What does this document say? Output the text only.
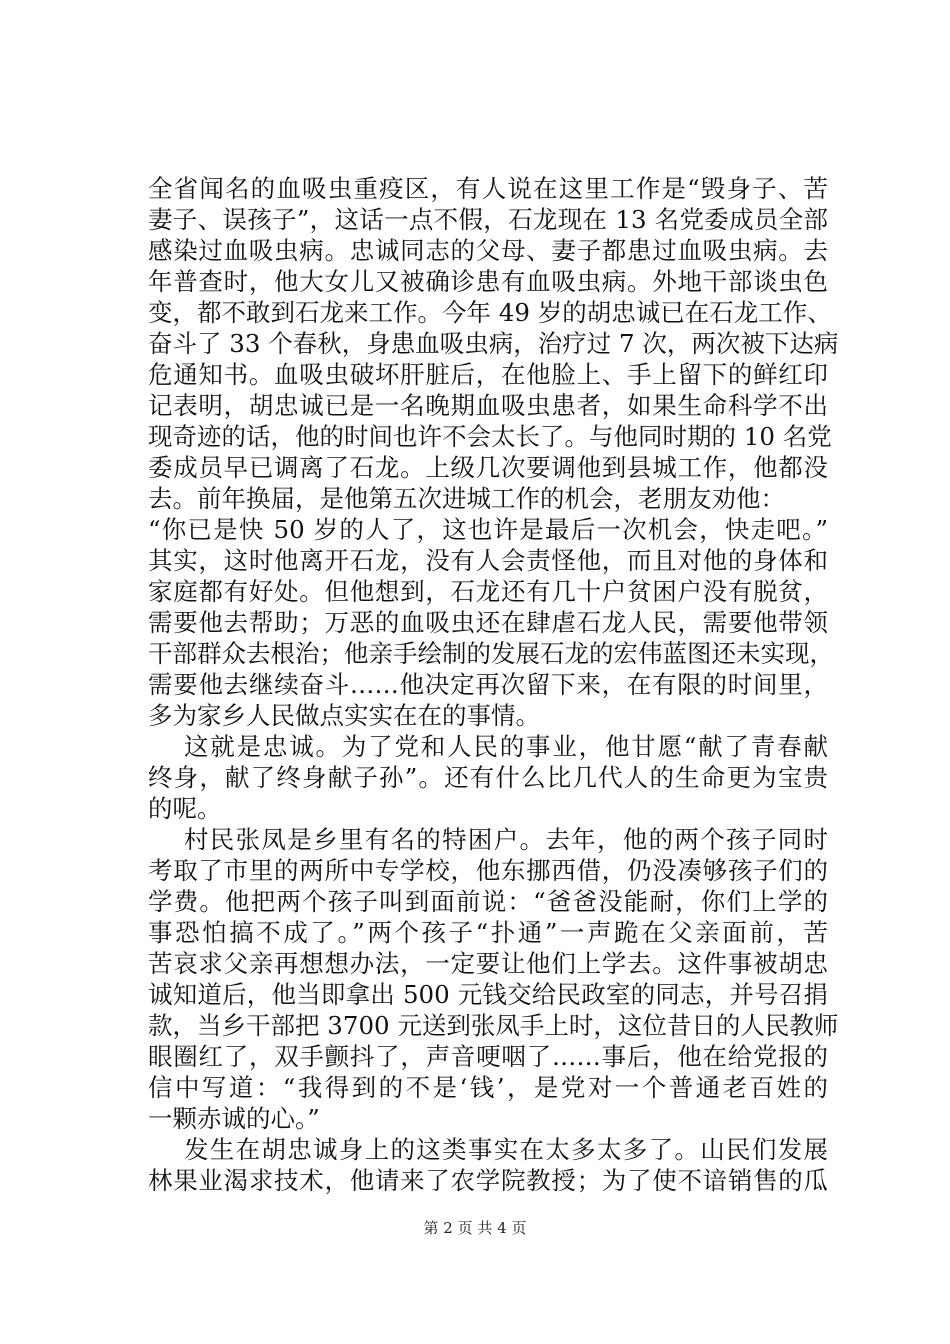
全省闻名的血吸虫重疫区，有人说在这里工作是“毁身子、苦
妻子、误孩子”，这话一点不假，石龙现在 13 名党委成员全部
感染过血吸虫病。忠诚同志的父母、妻子都患过血吸虫病。去
年普查时，他大女儿又被确诊患有血吸虫病。外地干部谈虫色
变，都不敢到石龙来工作。今年 49 岁的胡忠诚已在石龙工作、
奋斗了 33 个春秋，身患血吸虫病，治疗过 7 次，两次被下达病
危通知书。血吸虫破坏肝脏后，在他脸上、手上留下的鲜红印
记表明，胡忠诚已是一名晚期血吸虫患者，如果生命科学不出
现奇迹的话，他的时间也许不会太长了。与他同时期的 10 名党
委成员早已调离了石龙。上级几次要调他到县城工作，他都没
去。前年换届，是他第五次进城工作的机会，老朋友劝他：
“你已是快 50 岁的人了，这也许是最后一次机会，快走吧。”
其实，这时他离开石龙，没有人会责怪他，而且对他的身体和
家庭都有好处。但他想到，石龙还有几十户贫困户没有脱贫，
需要他去帮助；万恶的血吸虫还在肆虐石龙人民，需要他带领
干部群众去根治；他亲手绘制的发展石龙的宏伟蓝图还未实现，
需要他去继续奋斗……他决定再次留下来，在有限的时间里，
多为家乡人民做点实实在在的事情。
这就是忠诚。为了党和人民的事业，他甘愿“献了青春献
终身，献了终身献子孙”。还有什么比几代人的生命更为宝贵
的呢。
村民张凤是乡里有名的特困户。去年，他的两个孩子同时
考取了市里的两所中专学校，他东挪西借，仍没凑够孩子们的
学费。他把两个孩子叫到面前说：“爸爸没能耐，你们上学的
事恐怕搞不成了。”两个孩子“扑通”一声跪在父亲面前，苦
苦哀求父亲再想想办法，一定要让他们上学去。这件事被胡忠
诚知道后，他当即拿出 500 元钱交给民政室的同志，并号召捐
款，当乡干部把 3700 元送到张凤手上时，这位昔日的人民教师
眼圈红了，双手颤抖了，声音哽咽了……事后，他在给党报的
信中写道：“我得到的不是‘钱’，是党对一个普通老百姓的
一颗赤诚的心。”
发生在胡忠诚身上的这类事实在太多太多了。山民们发展
林果业渴求技术，他请来了农学院教授；为了使不谙销售的瓜
第 2 页 共 4 页
